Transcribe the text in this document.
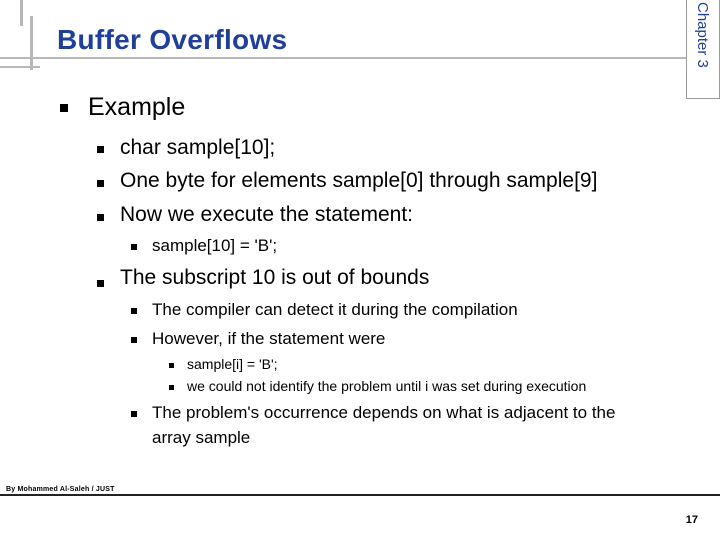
Buffer Overflows	Chapter 3
Example
char sample[10];
One byte for elements sample[0] through sample[9]
Now we execute the statement:
sample[10] = 'B';
The subscript 10 is out of bounds
The compiler can detect it during the compilation
However, if the statement were
sample[i] = 'B';
we could not identify the problem until i was set during execution
The problem's occurrence depends on what is adjacent to the
array sample
By Mohammed Al-Saleh / JUST
17
